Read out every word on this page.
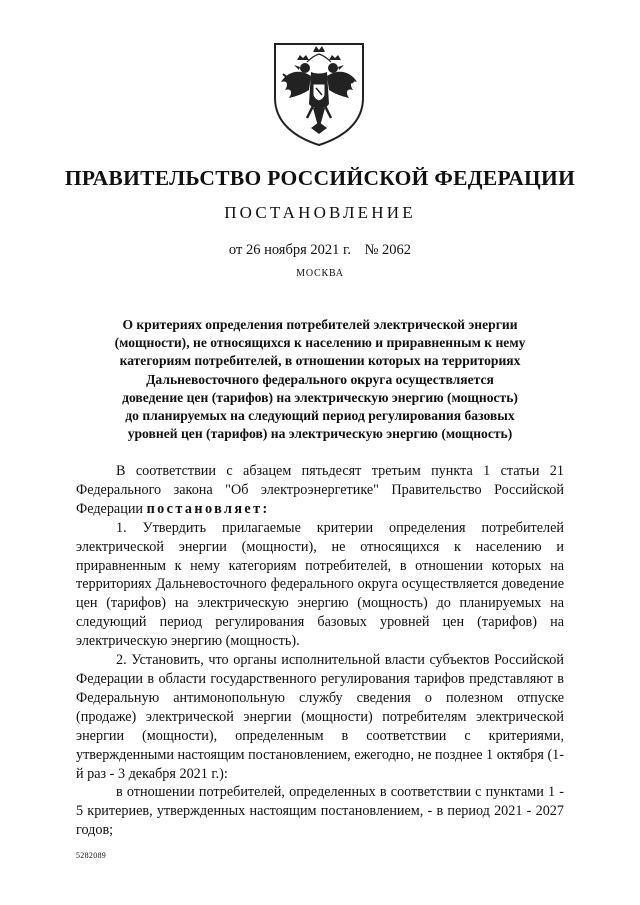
ПРАВИТЕЛЬСТВО РОССИЙСКОЙ ФЕДЕРАЦИИ
ПОСТАНОВЛЕНИЕ
от 26 ноября 2021 г. № 2062
МОСКВА
О критериях определения потребителей электрической энергии
(мощности), не относящихся к населению и приравненным к нему
категориям потребителей, в отношении которых на территориях
Дальневосточного федерального округа осуществляется
доведение цен (тарифов) на электрическую энергию (мощность)
до планируемых на следующий период регулирования базовых
уровней цен (тарифов) на электрическую энергию (мощность)

В соответствии с абзацем пятьдесят третьим пункта 1 статьи 21 Федерального закона "Об электроэнергетике" Правительство Российской Федерации постановляет:

1. Утвердить прилагаемые критерии определения потребителей электрической энергии (мощности), не относящихся к населению и приравненным к нему категориям потребителей, в отношении которых на территориях Дальневосточного федерального округа осуществляется доведение цен (тарифов) на электрическую энергию (мощность) до планируемых на следующий период регулирования базовых уровней цен (тарифов) на электрическую энергию (мощность).

2. Установить, что органы исполнительной власти субъектов Российской Федерации в области государственного регулирования тарифов представляют в Федеральную антимонопольную службу сведения о полезном отпуске (продаже) электрической энергии (мощности) потребителям электрической энергии (мощности), определенным в соответствии с критериями, утвержденными настоящим постановлением, ежегодно, не позднее 1 октября (1-й раз - 3 декабря 2021 г.):

в отношении потребителей, определенных в соответствии с пунктами 1 - 5 критериев, утвержденных настоящим постановлением, - в период 2021 - 2027 годов;

5282089
